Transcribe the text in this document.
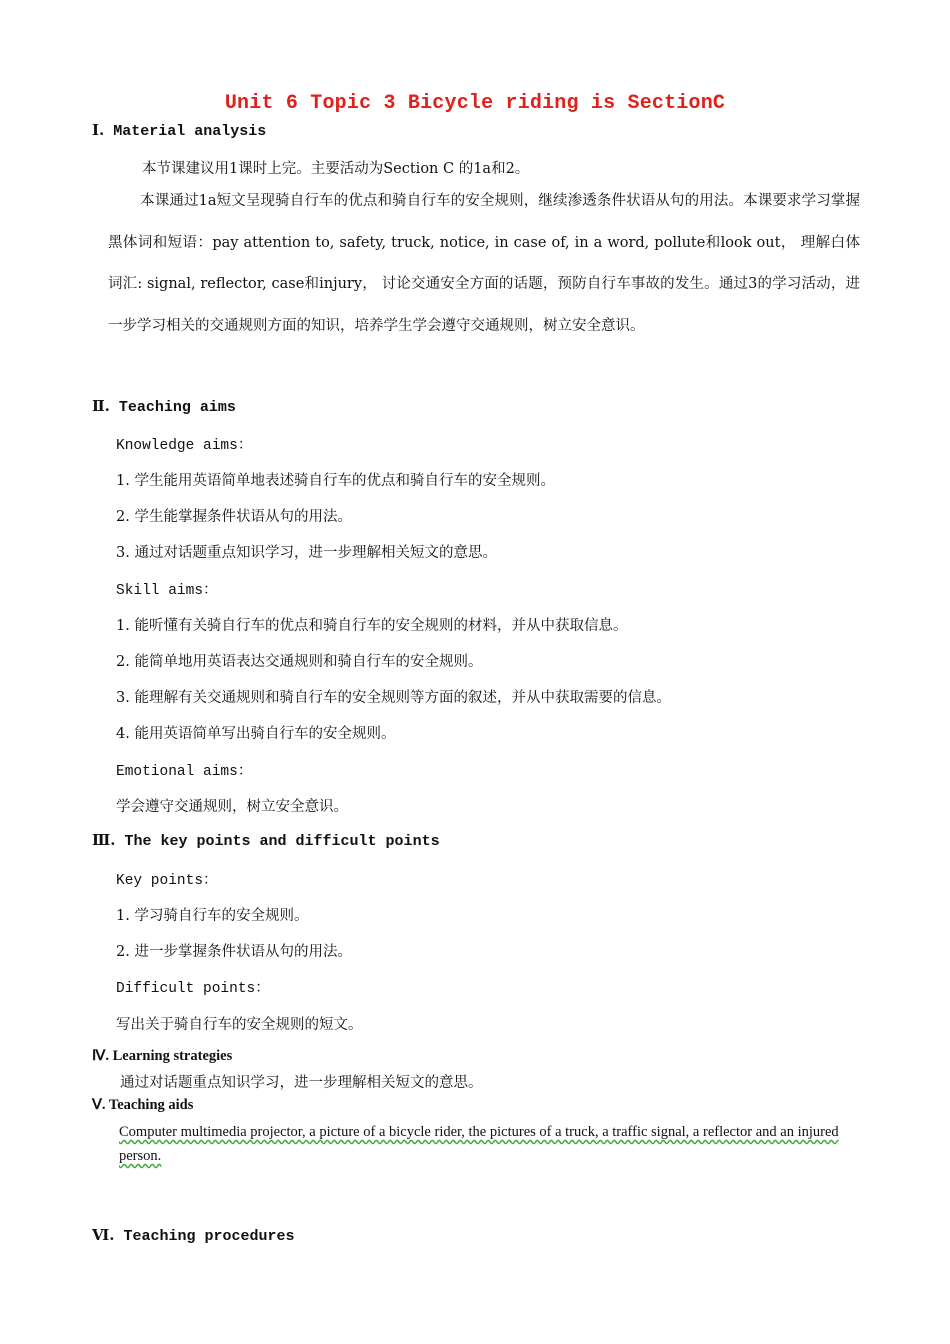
Unit 6 Topic 3 Bicycle riding is SectionC
Ⅰ. Material analysis
本节课建议用1课时上完。主要活动为Section C 的1a和2。
本课通过1a短文呈现骑自行车的优点和骑自行车的安全规则，继续渗透条件状语从句的用法。本课要求学习掌握黑体词和短语：pay attention to, safety, truck, notice, in case of, in a word, pollute和look out， 理解白体词汇: signal, reflector, case和injury， 讨论交通安全方面的话题，预防自行车事故的发生。通过3的学习活动，进一步学习相关的交通规则方面的知识，培养学生学会遵守交通规则，树立安全意识。
Ⅱ. Teaching aims
Knowledge aims：
1. 学生能用英语简单地表述骑自行车的优点和骑自行车的安全规则。
2. 学生能掌握条件状语从句的用法。
3. 通过对话题重点知识学习，进一步理解相关短文的意思。
Skill aims：
1. 能听懂有关骑自行车的优点和骑自行车的安全规则的材料，并从中获取信息。
2. 能简单地用英语表达交通规则和骑自行车的安全规则。
3. 能理解有关交通规则和骑自行车的安全规则等方面的叙述，并从中获取需要的信息。
4. 能用英语简单写出骑自行车的安全规则。
Emotional aims：
学会遵守交通规则，树立安全意识。
Ⅲ. The key points and difficult points
Key points：
1. 学习骑自行车的安全规则。
2. 进一步掌握条件状语从句的用法。
Difficult points：
写出关于骑自行车的安全规则的短文。
Ⅳ. Learning strategies
通过对话题重点知识学习，进一步理解相关短文的意思。
Ⅴ. Teaching aids
Computer multimedia projector, a picture of a bicycle rider, the pictures of a truck, a traffic signal, a reflector and an injured person.
Ⅵ. Teaching procedures
